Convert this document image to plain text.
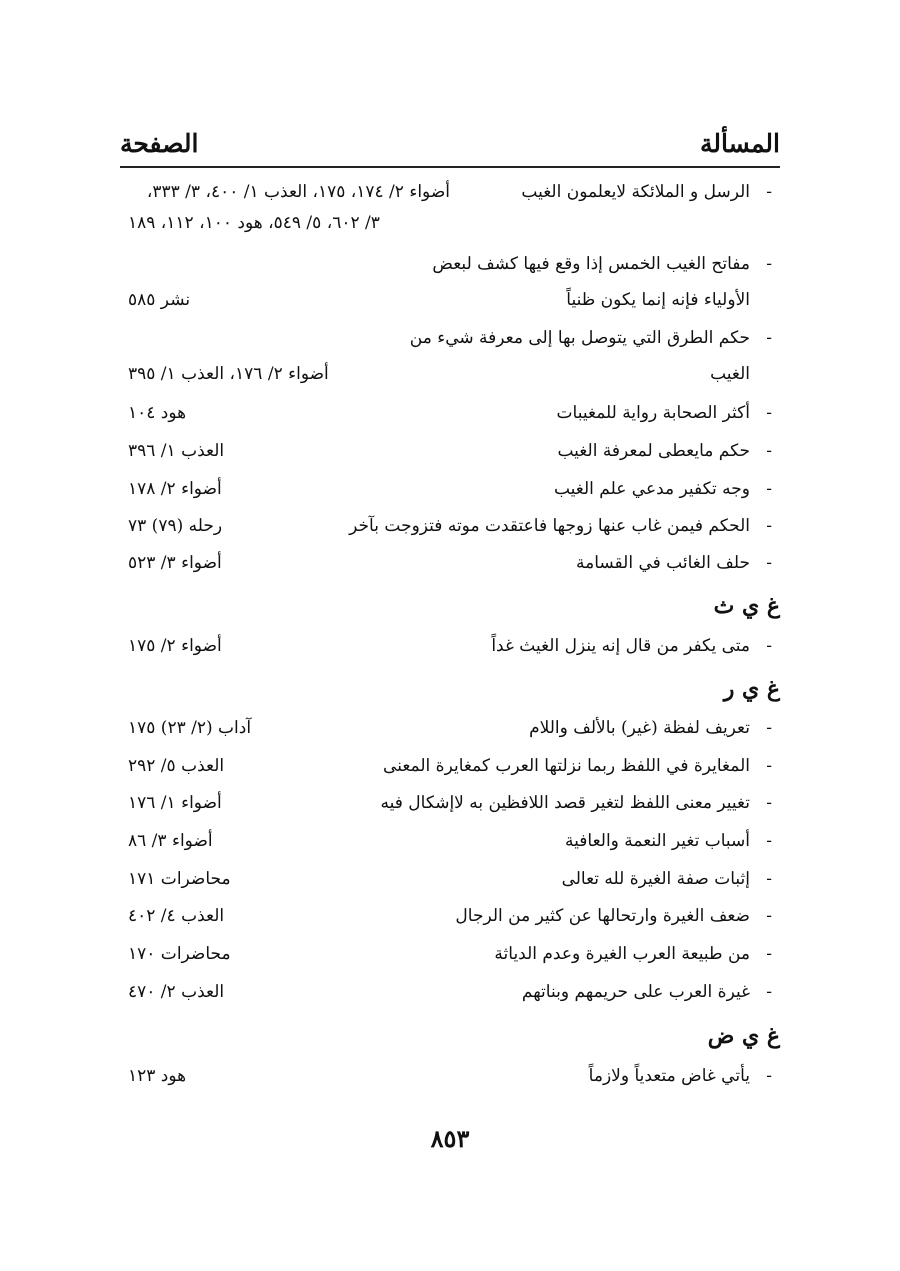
المسألة
الصفحة
-
الرسل و الملائكة لايعلمون الغيب
أضواء ٢/ ١٧٤، ١٧٥، العذب ١/ ٤٠٠، ٣/ ٣٣٣،
٣/ ٦٠٢، ٥/ ٥٤٩، هود ١٠٠، ١١٢، ١٨٩
-
مفاتح الغيب الخمس إذا وقع فيها كشف لبعض
الأولياء فإنه إنما يكون ظنياً
نشر ٥٨٥
-
حكم الطرق التي يتوصل بها إلى معرفة شيء من
الغيب
أضواء ٢/ ١٧٦، العذب ١/ ٣٩٥
-
أكثر الصحابة رواية للمغيبات
هود ١٠٤
-
حكم مايعطى لمعرفة الغيب
العذب ١/ ٣٩٦
-
وجه تكفير مدعي علم الغيب
أضواء ٢/ ١٧٨
-
الحكم فيمن غاب عنها زوجها فاعتقدت موته فتزوجت بآخر
رحله (٧٩) ٧٣
-
حلف الغائب في القسامة
أضواء ٣/ ٥٢٣
-
متى يكفر من قال إنه ينزل الغيث غداً
أضواء ٢/ ١٧٥
-
تعريف لفظة (غير) بالألف واللام
آداب (٢/ ٢٣) ١٧٥
-
المغايرة في اللفظ ربما نزلتها العرب كمغايرة المعنى
العذب ٥/ ٢٩٢
-
تغيير معنى اللفظ لتغير قصد اللافظين به لاإشكال فيه
أضواء ١/ ١٧٦
-
أسباب تغير النعمة والعافية
أضواء ٣/ ٨٦
-
إثبات صفة الغيرة لله تعالى
محاضرات ١٧١
-
ضعف الغيرة وارتحالها عن كثير من الرجال
العذب ٤/ ٤٠٢
-
من طبيعة العرب الغيرة وعدم الدياثة
محاضرات ١٧٠
-
غيرة العرب على حريمهم وبناتهم
العذب ٢/ ٤٧٠
-
يأتي غاض متعدياً ولازماً
هود ١٢٣
غ ي ث
غ ي ر
غ ي ض
٨٥٣
